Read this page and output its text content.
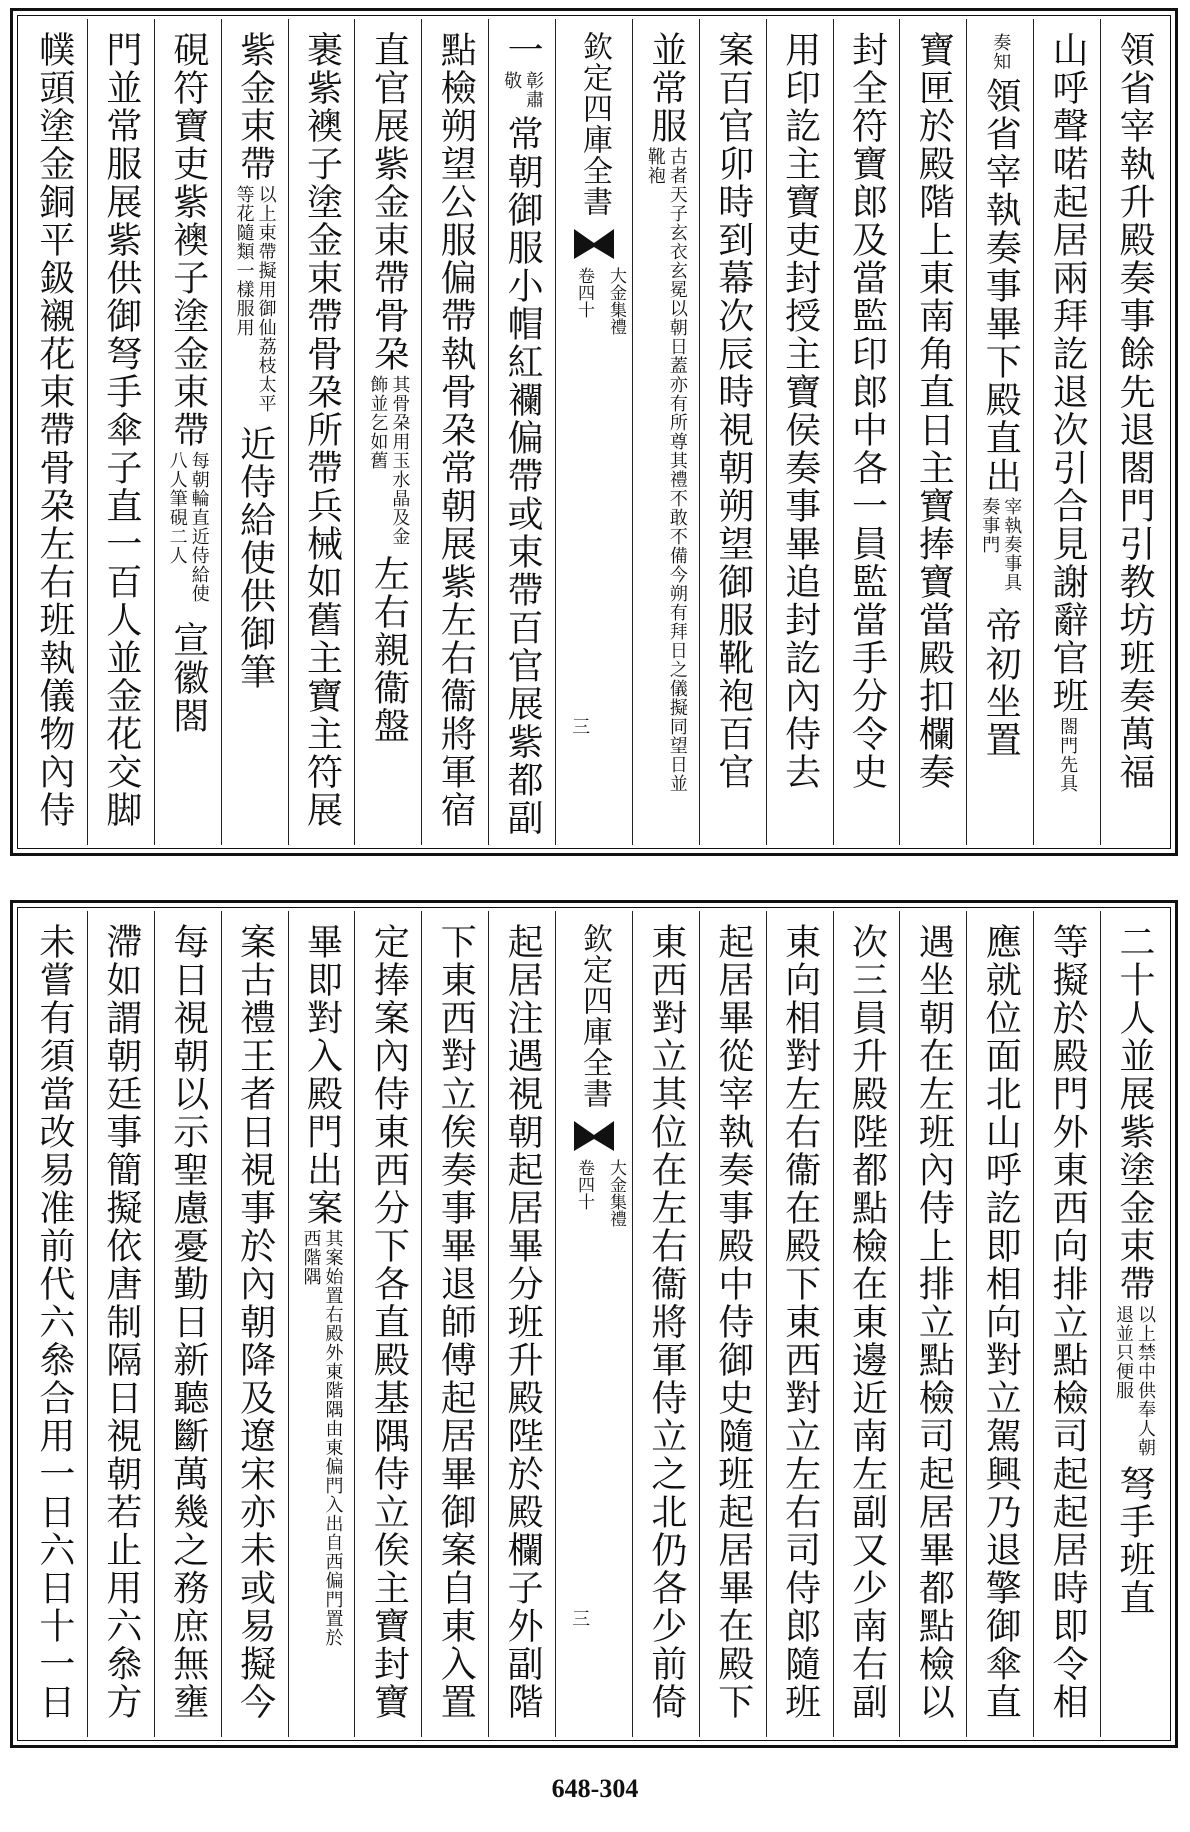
領省宰執升殿奏事餘先退閤門引教坊班奏萬福
山呼聲喏起居兩拜訖退次引合見謝辭官班
閤門先具
奏知
領省宰執奏事畢下殿直出
宰執奏事具奏事門
帝初坐置
寶匣於殿階上東南角直日主寶捧寶當殿扣欄奏
封全符寶郎及當監印郎中各一員監當手分令史
用印訖主寶吏封授主寶侯奏事畢追封訖內侍去
案百官卯時到幕次辰時視朝朔望御服靴袍百官
並常服
古者天子玄衣玄冕以朝日蓋亦有所尊其禮不敢不備今朔有拜日之儀擬同望日並靴袍
欽定四庫全書
大金集禮
卷四十
三
一
彰肅敬
常朝御服小帽紅襴偏帶或束帶百官展紫都副
點檢朔望公服偏帶執骨朶常朝展紫左右衞將軍宿
直官展紫金束帶骨朶
其骨朶用玉水晶及金飾並乞如舊
左右親衞盤
裹紫襖子塗金束帶骨朶所帶兵械如舊主寶主符展
紫金束帶
以上束帶擬用御仙荔枝太平等花隨類一樣服用
近侍給使供御筆
硯符寶吏紫襖子塗金束帶
每朝輪直近侍給使八人筆硯二人
宣徽閤
門並常服展紫供御弩手傘子直一百人並金花交脚
幞頭塗金銅平鈒襯花束帶骨朶左右班執儀物內侍
二十人並展紫塗金束帶
以上禁中供奉人朝退並只便服
弩手班直
等擬於殿門外東西向排立點檢司起起居時即令相
應就位面北山呼訖即相向對立駕興乃退擎御傘直
遇坐朝在左班內侍上排立點檢司起居畢都點檢以
次三員升殿陛都點檢在東邊近南左副又少南右副
東向相對左右衞在殿下東西對立左右司侍郎隨班
起居畢從宰執奏事殿中侍御史隨班起居畢在殿下
東西對立其位在左右衞將軍侍立之北仍各少前倚
欽定四庫全書
大金集禮
卷四十
三
起居注遇視朝起居畢分班升殿陛於殿欄子外副階
下東西對立俟奏事畢退師傅起居畢御案自東入置
定捧案內侍東西分下各直殿基隅侍立俟主寶封寶
畢即對入殿門出案
其案始置右殿外東階隅由東偏門入出自西偏門置於西階隅
案古禮王者日視事於內朝降及遼宋亦未或易擬今
每日視朝以示聖慮憂勤日新聽斷萬幾之務庶無壅
滯如謂朝廷事簡擬依唐制隔日視朝若止用六叅方
未嘗有須當改易准前代六叅合用一日六日十一日
648-304
